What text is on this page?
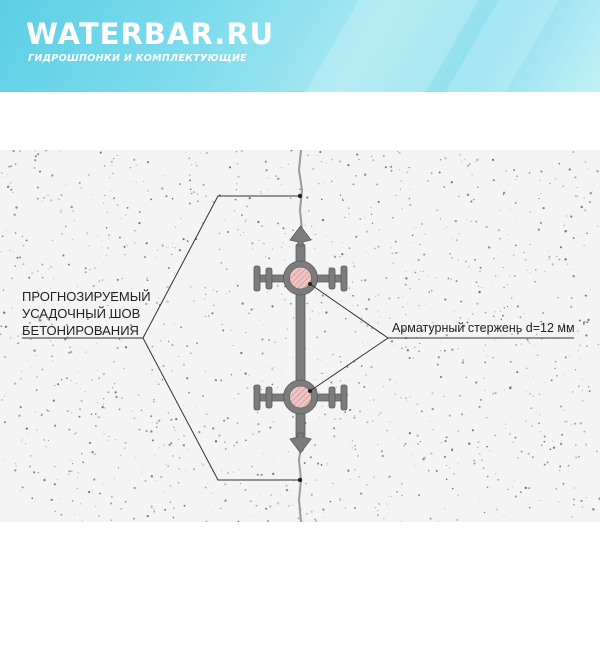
WATERBAR.RU
ГИДРОШПОНКИ И КОМПЛЕКТУЮЩИЕ
ПРОГНОЗИРУЕМЫЙ
УСАДОЧНЫЙ ШОВ
БЕТОНИРОВАНИЯ	Арматурный стержень d=12 мм
